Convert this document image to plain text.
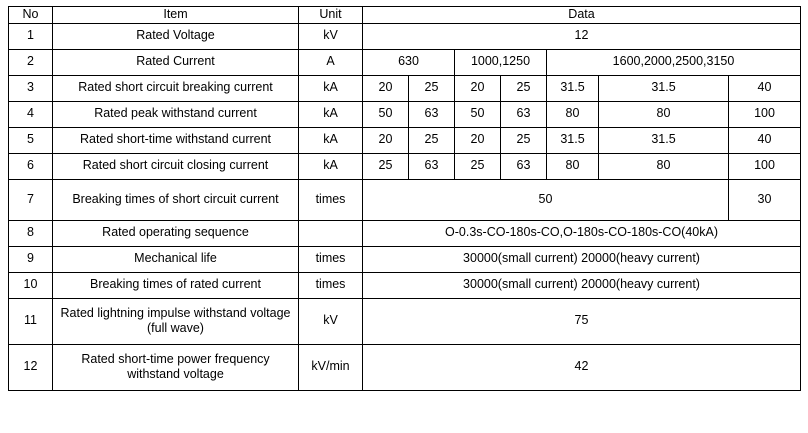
No	Item	Unit	Data						
1	Rated Voltage	kV	12						
2	Rated Current	A	630		1000,1250		1600,2000,2500,3150		
3	Rated short circuit breaking current	kA	20	25	20	25	31.5	31.5	40
4	Rated peak withstand current	kA	50	63	50	63	80	80	100
5	Rated short-time withstand current	kA	20	25	20	25	31.5	31.5	40
6	Rated short circuit closing current	kA	25	63	25	63	80	80	100
7	Breaking times of short circuit current	times	50						30
8	Rated operating sequence		O-0.3s-CO-180s-CO,O-180s-CO-180s-CO(40kA)						
9	Mechanical life	times	30000(small current) 20000(heavy current)						
10	Breaking times of rated current	times	30000(small current) 20000(heavy current)						
11	Rated lightning impulse withstand voltage (full wave)	kV	75						
12	Rated short-time power frequency withstand voltage	kV/min	42						
